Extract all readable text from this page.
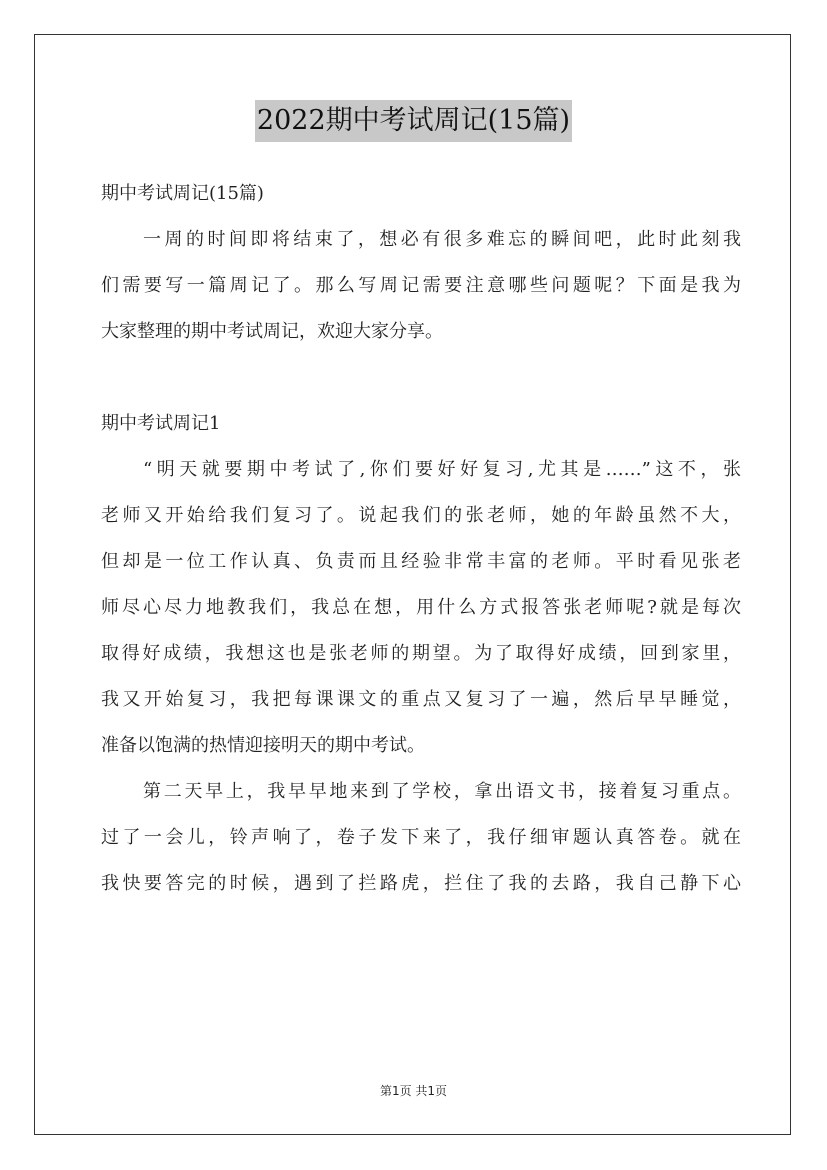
2022期中考试周记(15篇)
期中考试周记(15篇)
一周的时间即将结束了，想必有很多难忘的瞬间吧，此时此刻我
们需要写一篇周记了。那么写周记需要注意哪些问题呢？下面是我为
大家整理的期中考试周记，欢迎大家分享。
期中考试周记1
“明天就要期中考试了,你们要好好复习,尤其是……”这不，张
老师又开始给我们复习了。说起我们的张老师，她的年龄虽然不大，
但却是一位工作认真、负责而且经验非常丰富的老师。平时看见张老
师尽心尽力地教我们，我总在想，用什么方式报答张老师呢?就是每次
取得好成绩，我想这也是张老师的期望。为了取得好成绩，回到家里，
我又开始复习，我把每课课文的重点又复习了一遍，然后早早睡觉，
准备以饱满的热情迎接明天的期中考试。
第二天早上，我早早地来到了学校，拿出语文书，接着复习重点。
过了一会儿，铃声响了，卷子发下来了，我仔细审题认真答卷。就在
我快要答完的时候，遇到了拦路虎，拦住了我的去路，我自己静下心
第1页 共1页
